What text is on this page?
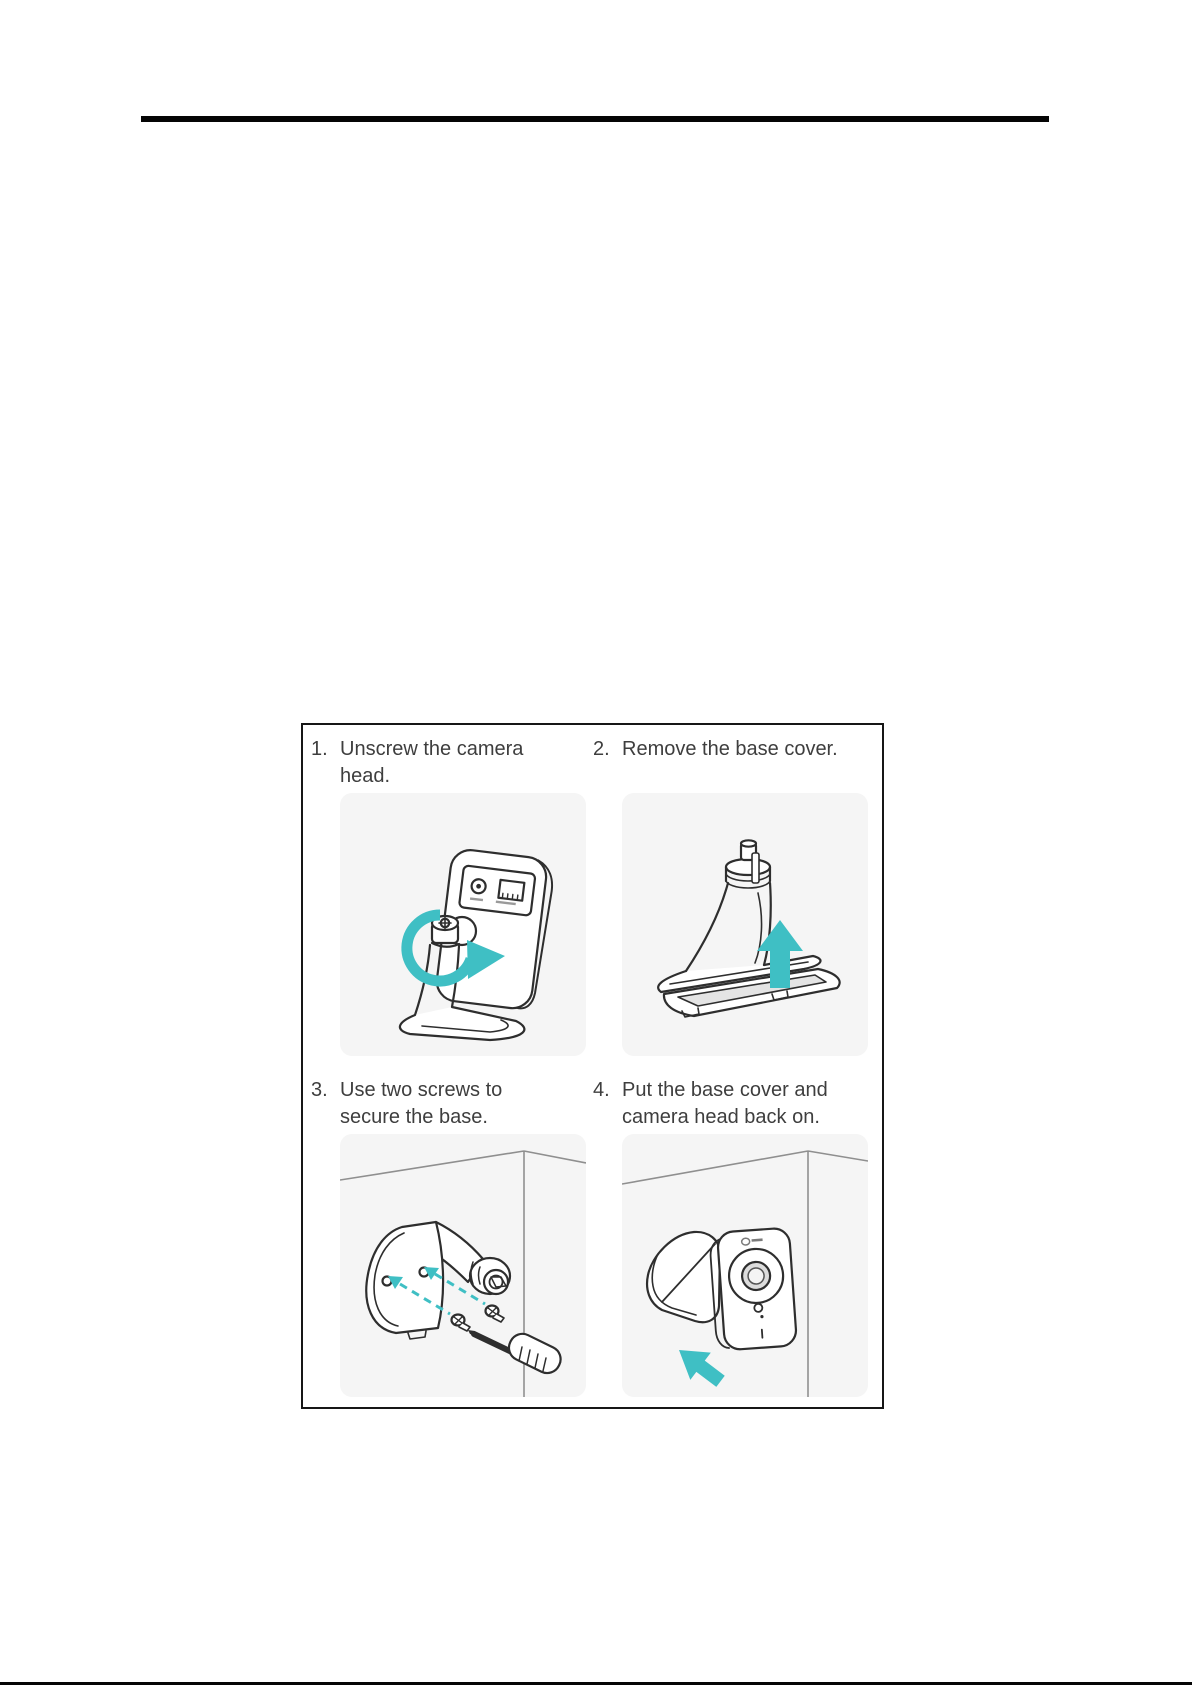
1. Unscrew the camera
head.
2. Remove the base cover.
3. Use two screws to
secure the base.
4. Put the base cover and
camera head back on.
